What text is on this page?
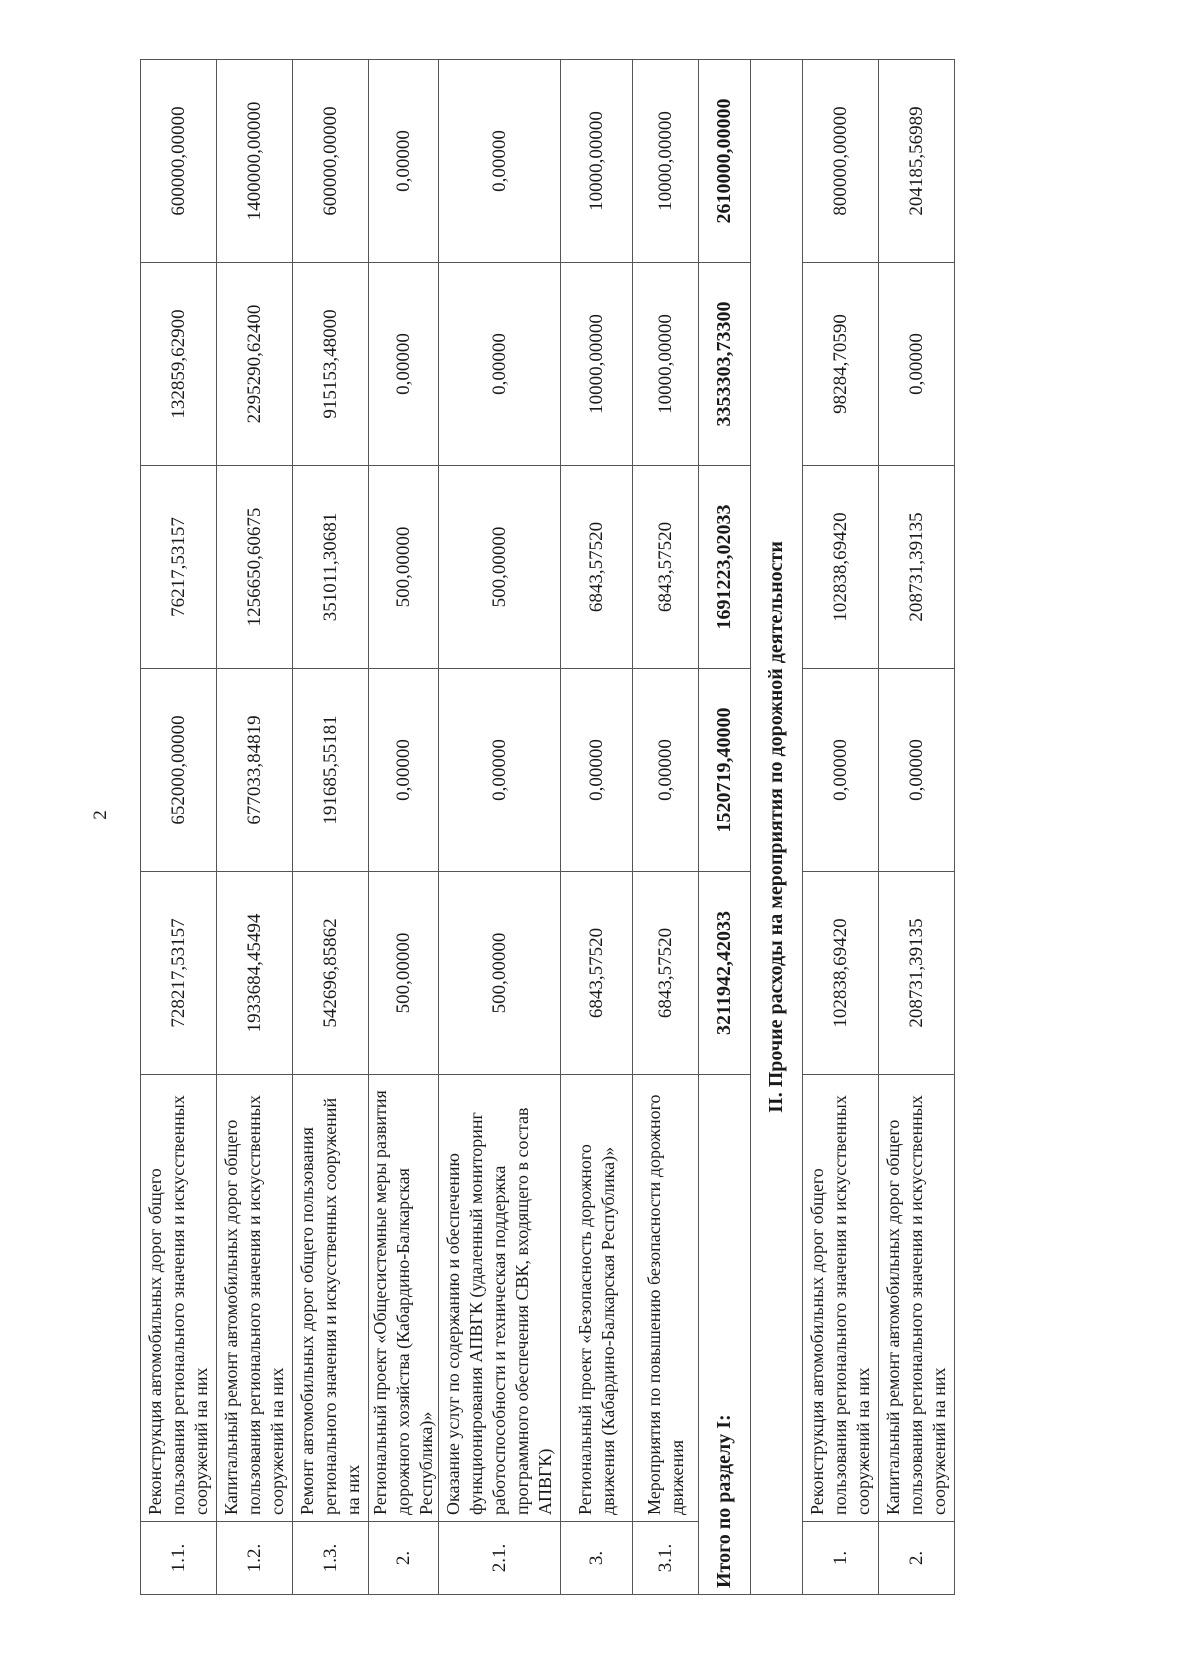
2
1.1.	Реконструкция автомобильных дорог общего пользования регионального значения и искусственных сооружений на них	728217,53157	652000,00000	76217,53157	132859,62900	600000,00000
1.2.	Капитальный ремонт автомобильных дорог общего пользования регионального значения и искусственных сооружений на них	1933684,45494	677033,84819	1256650,60675	2295290,62400	1400000,00000
1.3.	Ремонт автомобильных дорог общего пользования регионального значения и искусственных сооружений на них	542696,85862	191685,55181	351011,30681	915153,48000	600000,00000
2.	Региональный проект «Общесистемные меры развития дорожного хозяйства (Кабардино-Балкарская Республика)»	500,00000	0,00000	500,00000	0,00000	0,00000
2.1.	Оказание услуг по содержанию и обеспечению функционирования АПВГК (удаленный мониторинг работоспособности и техническая поддержка программного обеспечения СВК, входящего в состав АПВГК)	500,00000	0,00000	500,00000	0,00000	0,00000
3.	Региональный проект «Безопасность дорожного движения (Кабардино-Балкарская Республика)»	6843,57520	0,00000	6843,57520	10000,00000	10000,00000
3.1.	Мероприятия по повышению безопасности дорожного движения	6843,57520	0,00000	6843,57520	10000,00000	10000,00000
Итого по разделу I:		3211942,42033	1520719,40000	1691223,02033	3353303,73300	2610000,00000
II. Прочие расходы на мероприятия по дорожной деятельности						
1.	Реконструкция автомобильных дорог общего пользования регионального значения и искусственных сооружений на них	102838,69420	0,00000	102838,69420	98284,70590	800000,00000
2.	Капитальный ремонт автомобильных дорог общего пользования регионального значения и искусственных сооружений на них	208731,39135	0,00000	208731,39135	0,00000	204185,56989
